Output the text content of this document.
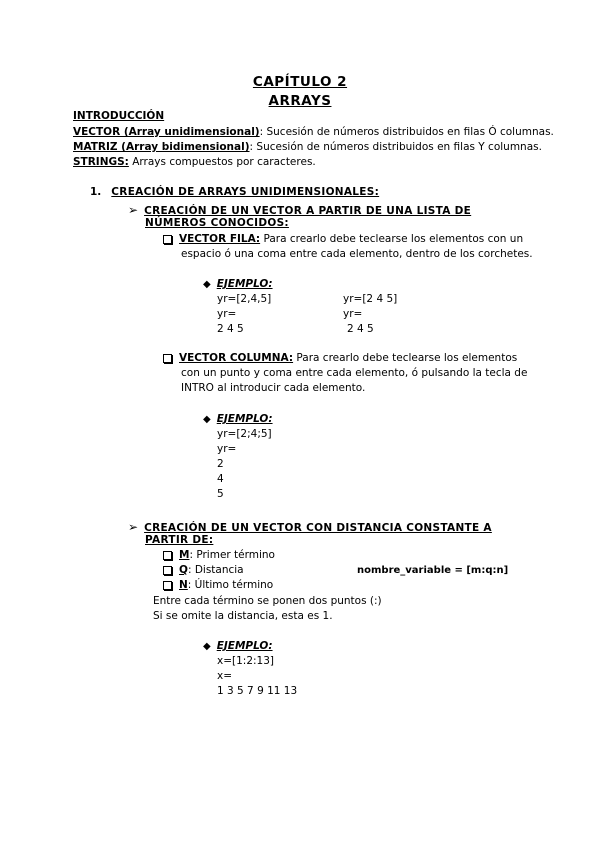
CAPÍTULO 2
ARRAYS
INTRODUCCIÓN
VECTOR (Array unidimensional): Sucesión de números distribuidos en filas Ó columnas.
MATRIZ (Array bidimensional): Sucesión de números distribuidos en filas Y columnas.
STRINGS: Arrays compuestos por caracteres.
1. CREACIÓN DE ARRAYS UNIDIMENSIONALES:
➢ CREACIÓN DE UN VECTOR A PARTIR DE UNA LISTA DE
NÚMEROS CONOCIDOS:
VECTOR FILA: Para crearlo debe teclearse los elementos con un
espacio ó una coma entre cada elemento, dentro de los corchetes.
◆ EJEMPLO:
yr=[2,4,5]
yr=
2 4 5
yr=[2 4 5]
yr=
2 4 5
VECTOR COLUMNA: Para crearlo debe teclearse los elementos
con un punto y coma entre cada elemento, ó pulsando la tecla de
INTRO al introducir cada elemento.
◆ EJEMPLO:
yr=[2;4;5]
yr=
2
4
5
➢ CREACIÓN DE UN VECTOR CON DISTANCIA CONSTANTE A
PARTIR DE:
M: Primer término
Q: Distancia	nombre_variable = [m:q:n]
N: Último término
Entre cada término se ponen dos puntos (:)
Si se omite la distancia, esta es 1.
◆ EJEMPLO:
x=[1:2:13]
x=
1 3 5 7 9 11 13
